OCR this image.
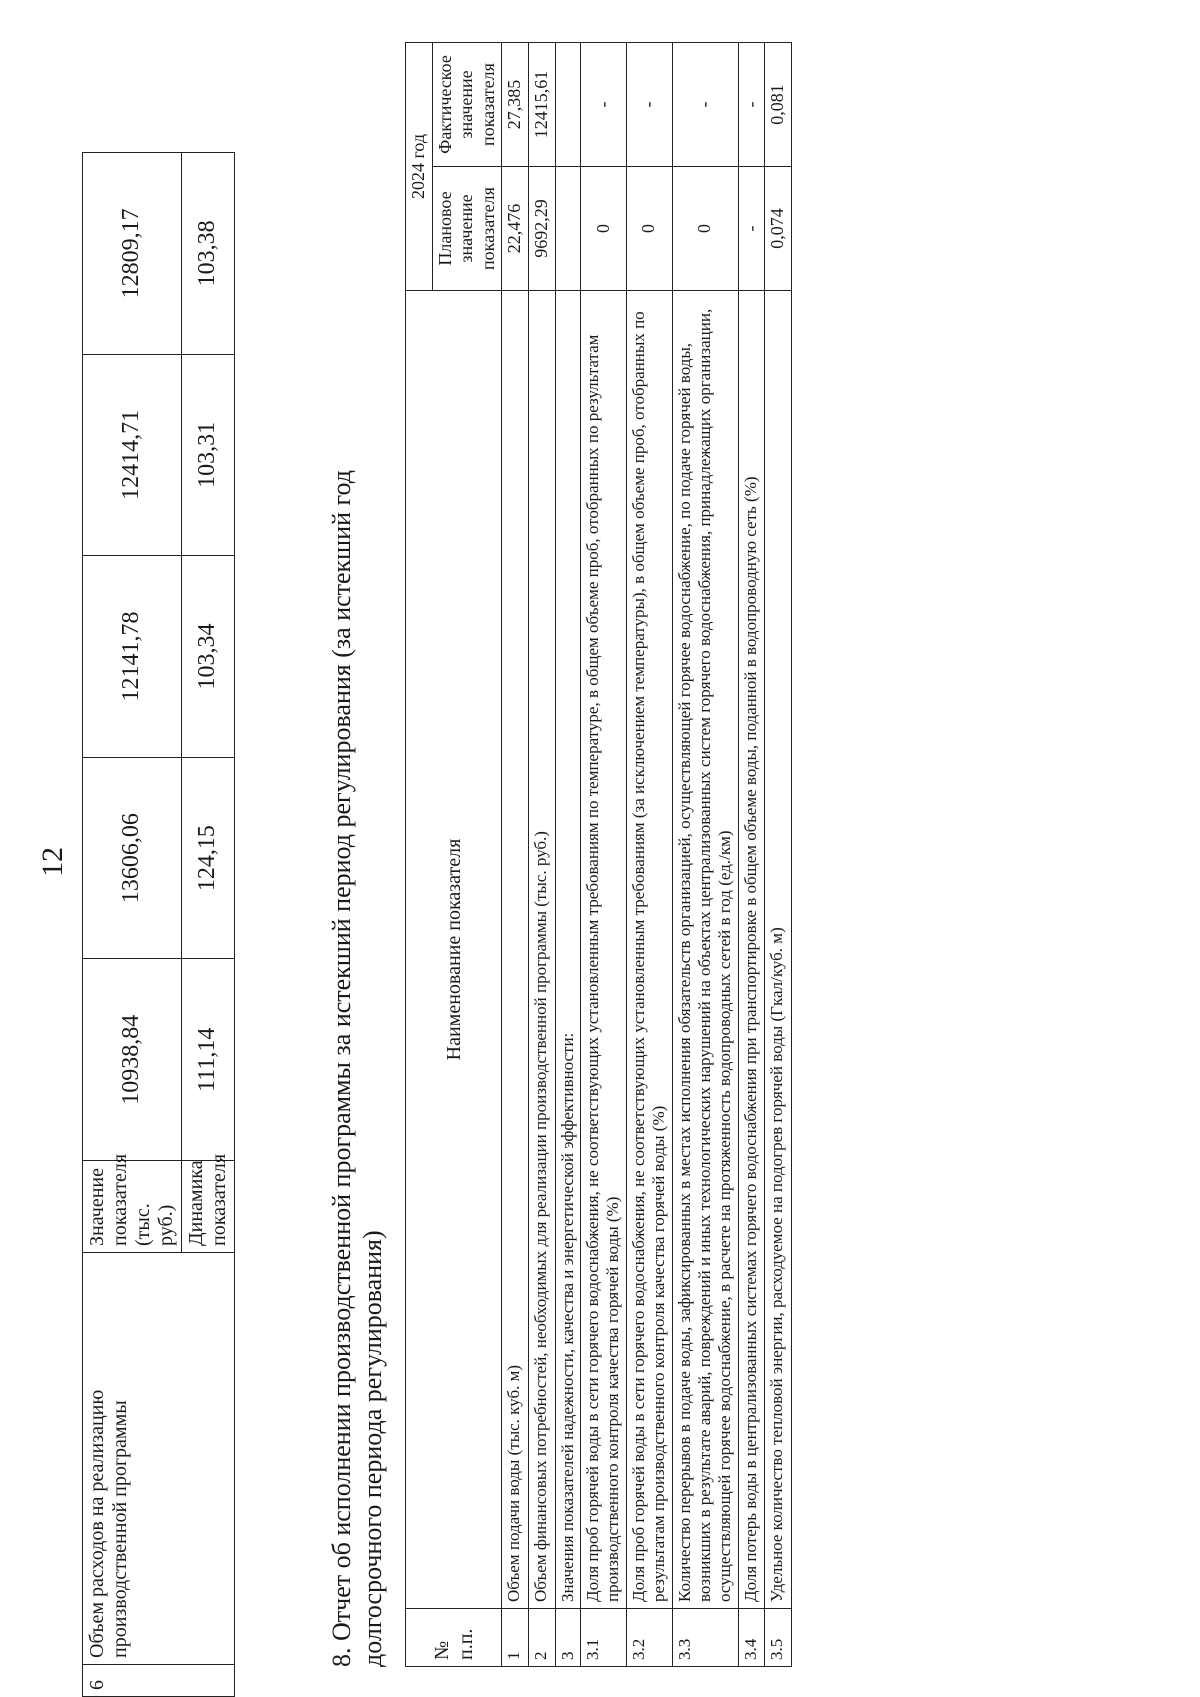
12
6	Объем расходов на реализацию производственной программы	Значение показателя (тыс. руб.)	10938,84	13606,06	12141,78	12414,71	12809,17
		Динамика показателя	111,14	124,15	103,34	103,31	103,38
8. Отчет об исполнении производственной программы за истекший период регулирования (за истекший год долгосрочного периода регулирования) № п.п.	Наименование показателя	2024 год	
		Плановое значение показателя	Фактическое значение показателя
1	Объем подачи воды (тыс. куб. м)	22,476	27,385
2	Объем финансовых потребностей, необходимых для реализации производственной программы (тыс. руб.)	9692,29	12415,61
3	Значения показателей надежности, качества и энергетической эффективности:		
3.1	Доля проб горячей воды в сети горячего водоснабжения, не соответствующих установленным требованиям по температуре, в общем объеме проб, отобранных по результатам производственного контроля качества горячей воды (%)	0	-
3.2	Доля проб горячей воды в сети горячего водоснабжения, не соответствующих установленным требованиям (за исключением температуры), в общем объеме проб, отобранных по результатам производственного контроля качества горячей воды (%)	0	-
3.3	Количество перерывов в подаче воды, зафиксированных в местах исполнения обязательств организацией, осуществляющей горячее водоснабжение, по подаче горячей воды, возникших в результате аварий, повреждений и иных технологических нарушений на объектах централизованных систем горячего водоснабжения, принадлежащих организации, осуществляющей горячее водоснабжение, в расчете на протяженность водопроводных сетей в год (ед./км)	0	-
3.4	Доля потерь воды в централизованных системах горячего водоснабжения при транспортировке в общем объеме воды, поданной в водопроводную сеть (%)	-	-
3.5	Удельное количество тепловой энергии, расходуемое на подогрев горячей воды (Гкал/куб. м)	0,074	0,081
